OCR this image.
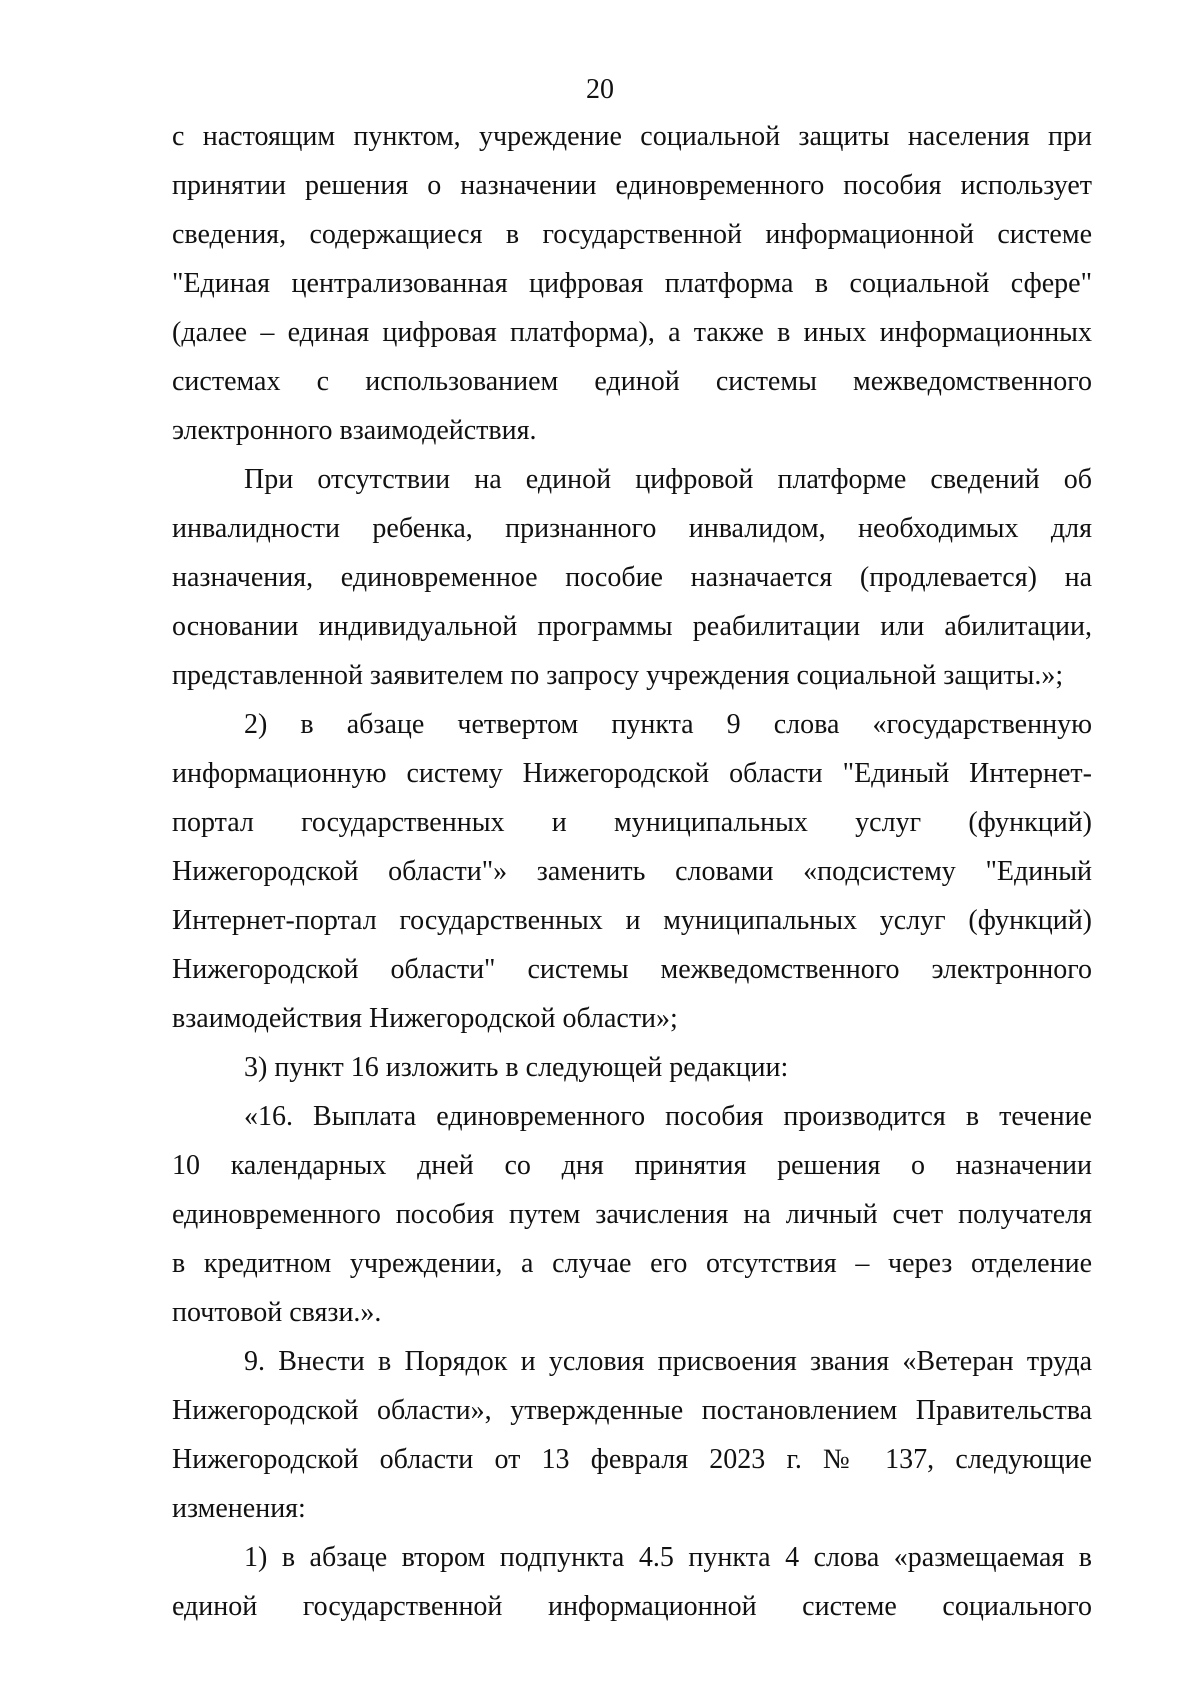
20
с настоящим пунктом, учреждение социальной защиты населения при
принятии решения о назначении единовременного пособия использует
сведения, содержащиеся в государственной информационной системе
"Единая централизованная цифровая платформа в социальной сфере"
(далее – единая цифровая платформа), а также в иных информационных
системах с использованием единой системы межведомственного
электронного взаимодействия.
При отсутствии на единой цифровой платформе сведений об
инвалидности ребенка, признанного инвалидом, необходимых для
назначения, единовременное пособие назначается (продлевается) на
основании индивидуальной программы реабилитации или абилитации,
представленной заявителем по запросу учреждения социальной защиты.»;
2) в абзаце четвертом пункта 9 слова «государственную
информационную систему Нижегородской области "Единый Интернет-
портал государственных и муниципальных услуг (функций)
Нижегородской области"» заменить словами «подсистему "Единый
Интернет-портал государственных и муниципальных услуг (функций)
Нижегородской области" системы межведомственного электронного
взаимодействия Нижегородской области»;
3) пункт 16 изложить в следующей редакции:
«16. Выплата единовременного пособия производится в течение
10 календарных дней со дня принятия решения о назначении
единовременного пособия путем зачисления на личный счет получателя
в кредитном учреждении, а случае его отсутствия – через отделение
почтовой связи.».
9. Внести в Порядок и условия присвоения звания «Ветеран труда
Нижегородской области», утвержденные постановлением Правительства
Нижегородской области от 13 февраля 2023 г. № 137, следующие
изменения:
1) в абзаце втором подпункта 4.5 пункта 4 слова «размещаемая в
единой государственной информационной системе социального
